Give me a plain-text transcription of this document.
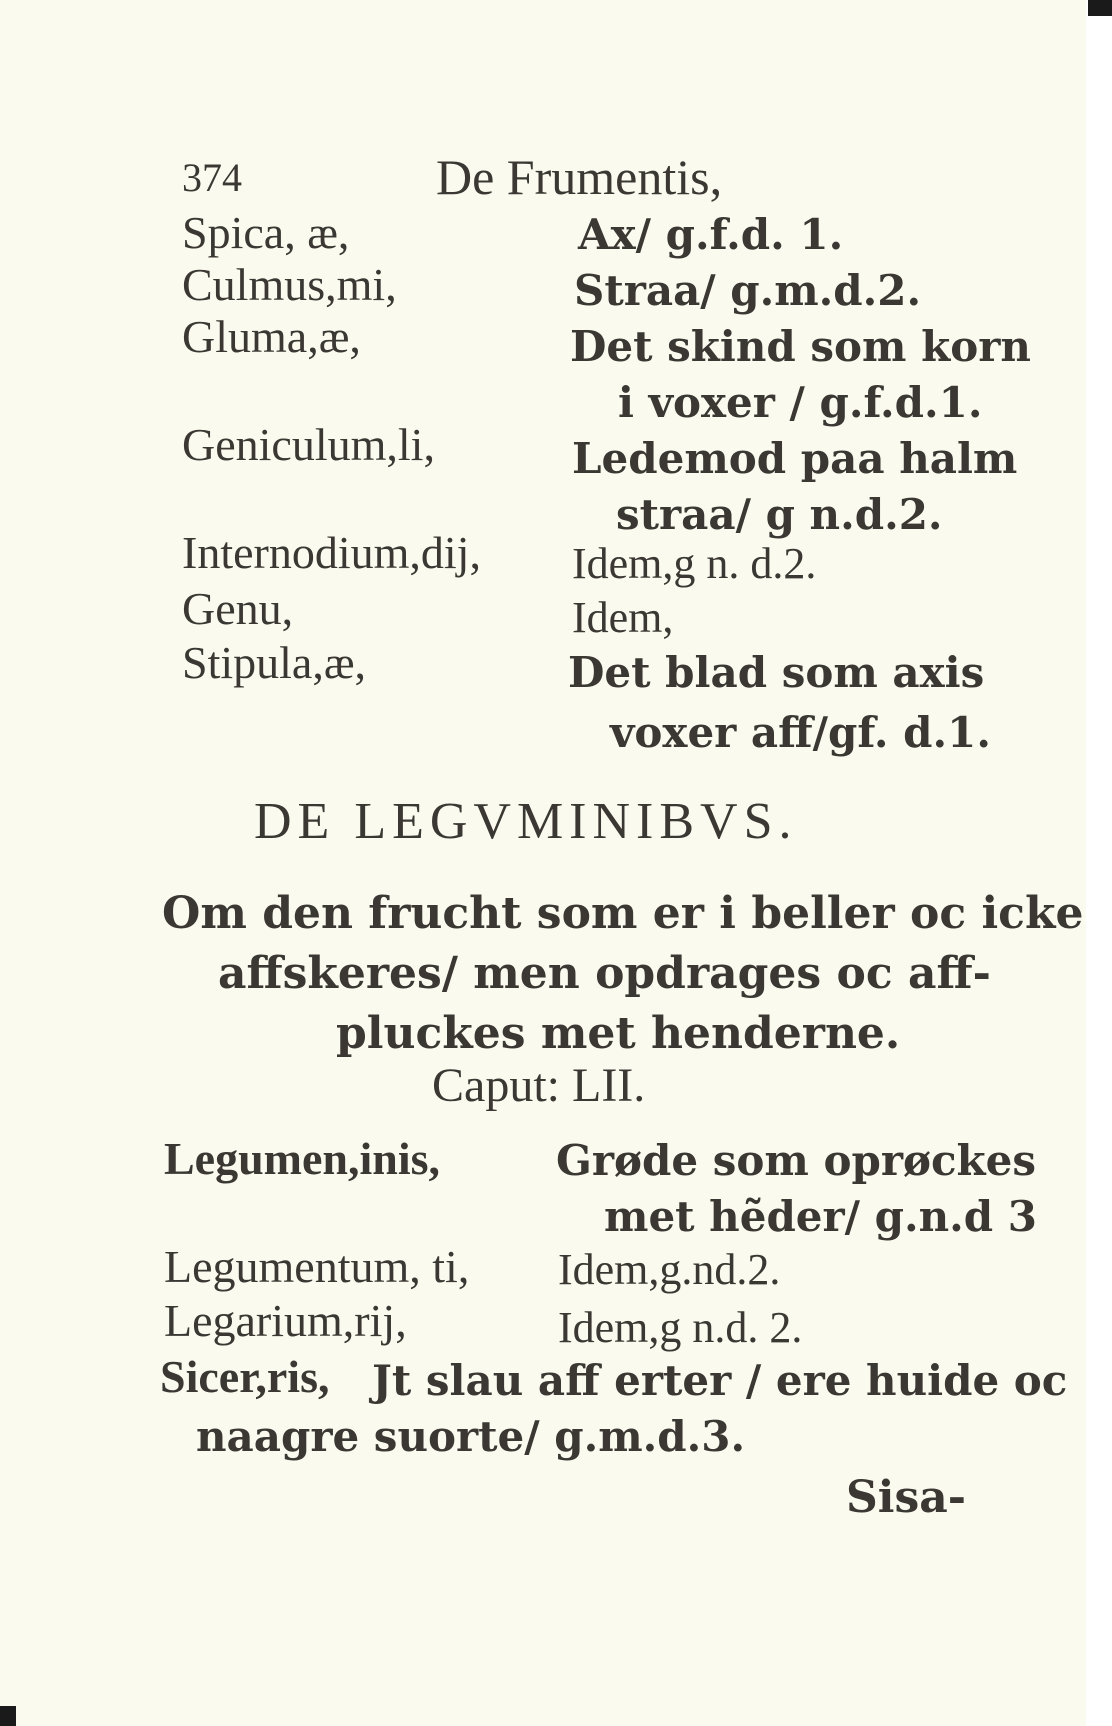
374	De Frumentis,
Spica, æ,	Ax/ g.f.d. 1.
Culmus,mi,	Straa/ g.m.d.2.
Gluma,æ,	Det skind som korn
i voxer / g.f.d.1.
Geniculum,li,	Ledemod paa halm
straa/ g n.d.2.
Internodium,dij, Idem,g n. d.2.
Genu,	Idem,
Stipula,æ,	Det blad som axis
voxer aff/gf. d.1.
DE LEGVMINIBVS.
Om den frucht som er i beller oc icke
affskeres/ men opdrages oc aff-
pluckes met henderne.
Caput: LII.
Legumen,inis,	Grøde som oprøckes
met hẽder/ g.n.d 3
Legumentum, ti, Idem,g.nd.2.
Legarium,rij,	Idem,g n.d. 2.
Sicer,ris, Jt slau aff erter / ere huide oc
naagre suorte/ g.m.d.3.
Sisa-
